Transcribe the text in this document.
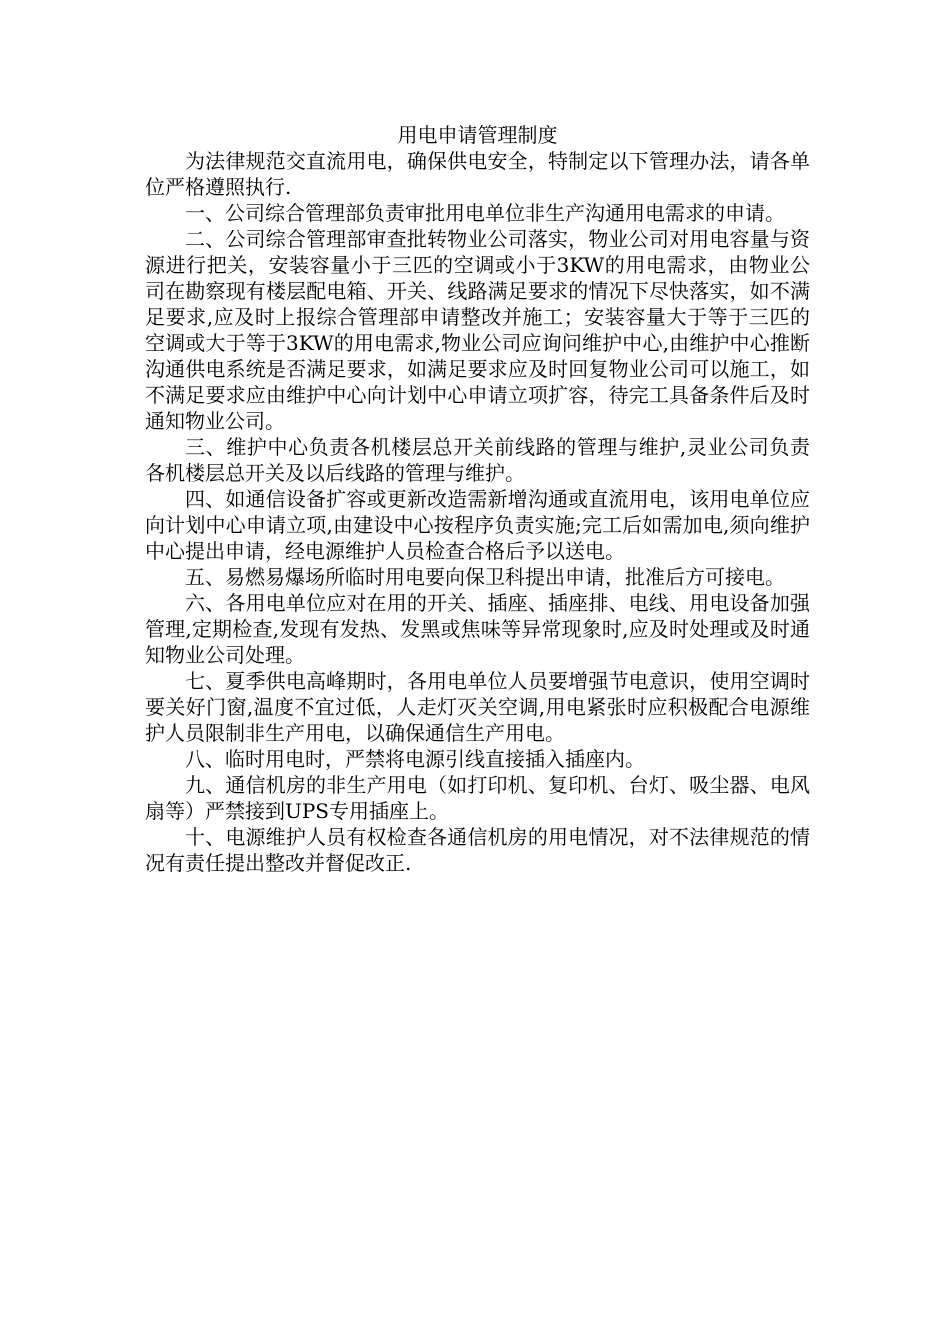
用电申请管理制度

为法律规范交直流用电，确保供电安全，特制定以下管理办法，请各单位严格遵照执行.

一、公司综合管理部负责审批用电单位非生产沟通用电需求的申请。

二、公司综合管理部审查批转物业公司落实，物业公司对用电容量与资源进行把关，安装容量小于三匹的空调或小于3KW的用电需求，由物业公司在勘察现有楼层配电箱、开关、线路满足要求的情况下尽快落实，如不满足要求,应及时上报综合管理部申请整改并施工；安装容量大于等于三匹的空调或大于等于3KW的用电需求,物业公司应询问维护中心,由维护中心推断沟通供电系统是否满足要求，如满足要求应及时回复物业公司可以施工，如不满足要求应由维护中心向计划中心申请立项扩容，待完工具备条件后及时通知物业公司。

三、维护中心负责各机楼层总开关前线路的管理与维护,灵业公司负责各机楼层总开关及以后线路的管理与维护。

四、如通信设备扩容或更新改造需新增沟通或直流用电，该用电单位应向计划中心申请立项,由建设中心按程序负责实施;完工后如需加电,须向维护中心提出申请，经电源维护人员检查合格后予以送电。

五、易燃易爆场所临时用电要向保卫科提出申请，批准后方可接电。

六、各用电单位应对在用的开关、插座、插座排、电线、用电设备加强管理,定期检查,发现有发热、发黑或焦味等异常现象时,应及时处理或及时通知物业公司处理。

七、夏季供电高峰期时，各用电单位人员要增强节电意识，使用空调时要关好门窗,温度不宜过低，人走灯灭关空调,用电紧张时应积极配合电源维护人员限制非生产用电，以确保通信生产用电。

八、临时用电时，严禁将电源引线直接插入插座内。

九、通信机房的非生产用电（如打印机、复印机、台灯、吸尘器、电风扇等）严禁接到UPS专用插座上。

十、电源维护人员有权检查各通信机房的用电情况，对不法律规范的情况有责任提出整改并督促改正.
